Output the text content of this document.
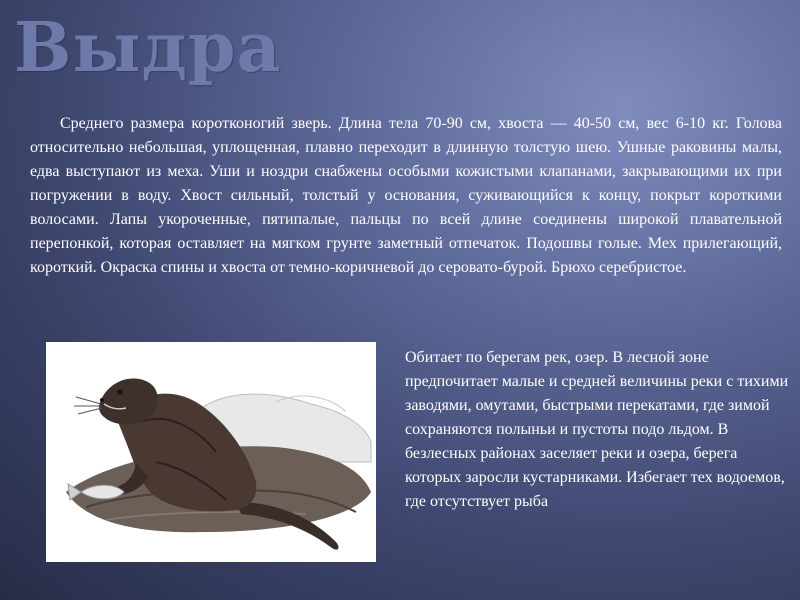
Выдра

Среднего размера коротконогий зверь. Длина тела 70-90 см, хвоста — 40-50 см, вес 6-10 кг. Голова относительно небольшая, уплощенная, плавно переходит в длинную толстую шею. Ушные раковины малы, едва выступают из меха. Уши и ноздри снабжены особыми кожистыми клапанами, закрывающими их при погружении в воду. Хвост сильный, толстый у основания, суживающийся к концу, покрыт короткими волосами. Лапы укороченные, пятипалые, пальцы по всей длине соединены широкой плавательной перепонкой, которая оставляет на мягком грунте заметный отпечаток. Подошвы голые. Мех прилегающий, короткий. Окраска спины и хвоста от темно-коричневой до серовато-бурой. Брюхо серебристое.

Обитает по берегам рек, озер. В лесной зоне предпочитает малые и средней величины реки с тихими заводями, омутами, быстрыми перекатами, где зимой сохраняются полыньи и пустоты подо льдом. В безлесных районах заселяет реки и озера, берега которых заросли кустарниками. Избегает тех водоемов, где отсутствует рыба
